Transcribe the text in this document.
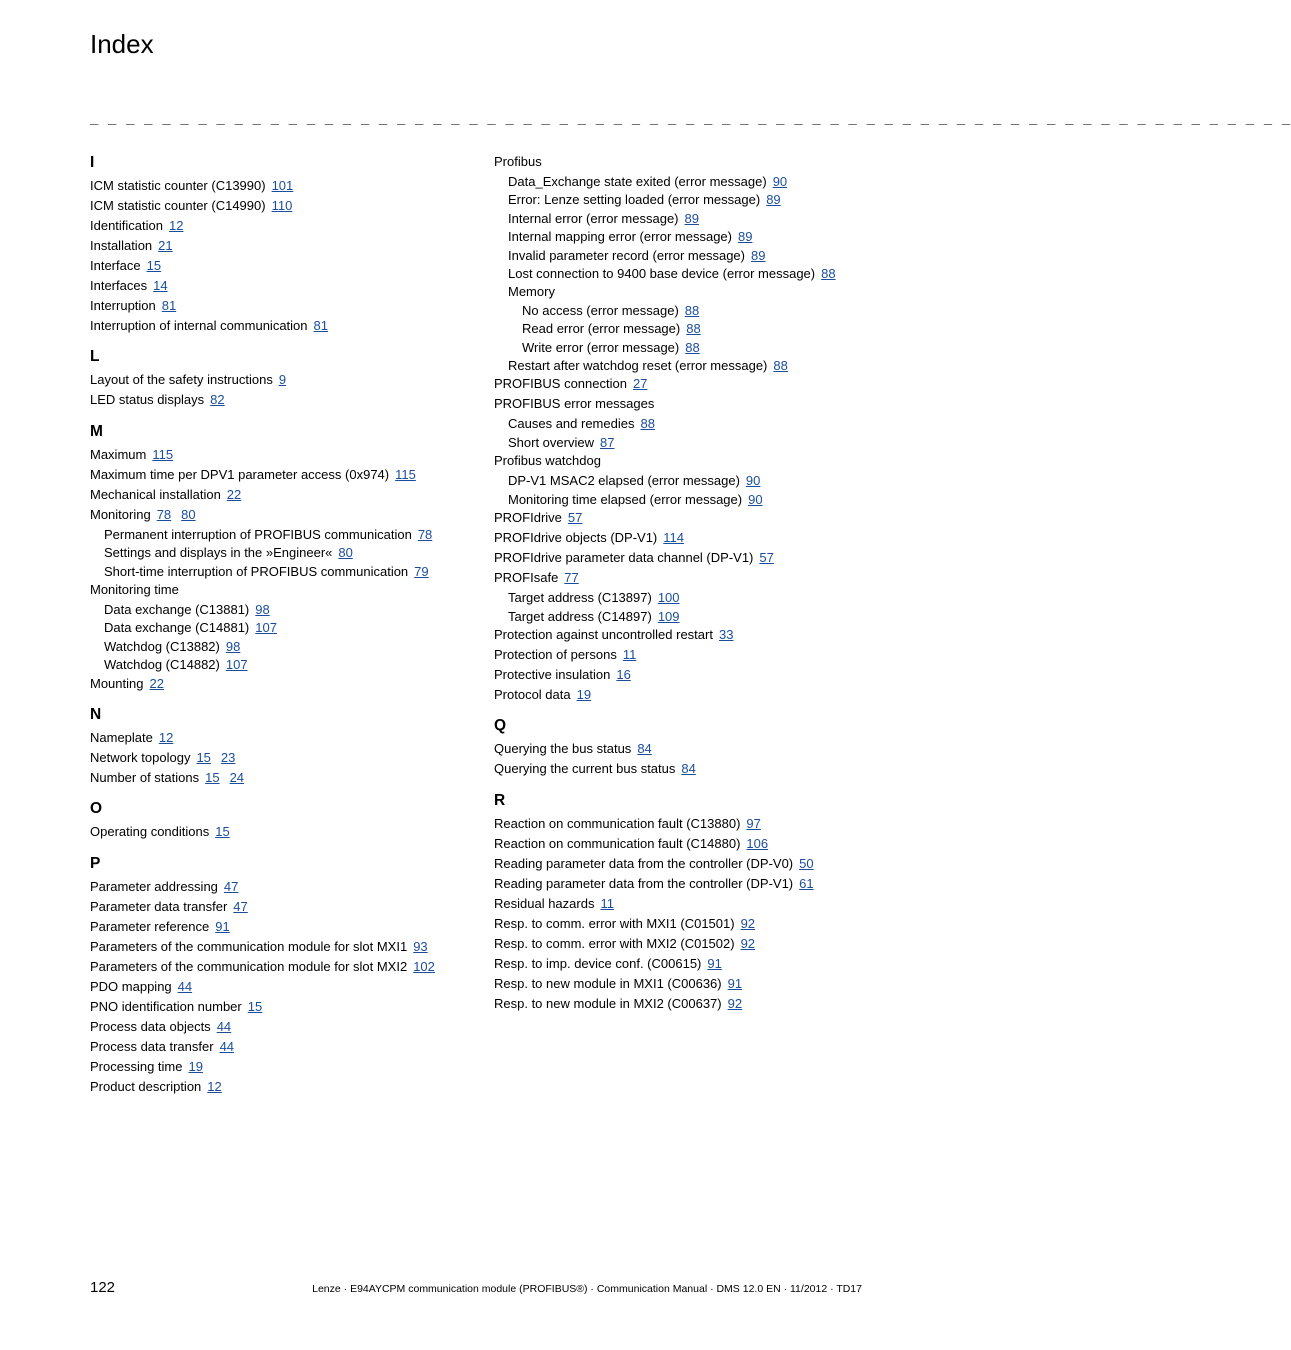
Index
_ _ _ _ _ _ _ _ _ _ _ _ _ _ _ _ _ _ _ _ _ _ _ _ _ _ _ _ _ _ _ _ _ _ _ _ _ _ _ _ _ _ _ _ _ _ _ _ _ _ _ _ _ _ _ _ _ _ _ _ _ _ _ _ _ _ _
I
ICM statistic counter (C13990) 101
ICM statistic counter (C14990) 110
Identification 12
Installation 21
Interface 15
Interfaces 14
Interruption 81
Interruption of internal communication 81
L
Layout of the safety instructions 9
LED status displays 82
M
Maximum 115
Maximum time per DPV1 parameter access (0x974) 115
Mechanical installation 22
Monitoring 78 80
Permanent interruption of PROFIBUS communication 78
Settings and displays in the »Engineer« 80
Short-time interruption of PROFIBUS communication 79
Monitoring time
Data exchange (C13881) 98
Data exchange (C14881) 107
Watchdog (C13882) 98
Watchdog (C14882) 107
Mounting 22
N
Nameplate 12
Network topology 15 23
Number of stations 15 24
O
Operating conditions 15
P
Parameter addressing 47
Parameter data transfer 47
Parameter reference 91
Parameters of the communication module for slot MXI1 93
Parameters of the communication module for slot MXI2 102
PDO mapping 44
PNO identification number 15
Process data objects 44
Process data transfer 44
Processing time 19
Product description 12
Profibus
Data_Exchange state exited (error message) 90
Error: Lenze setting loaded (error message) 89
Internal error (error message) 89
Internal mapping error (error message) 89
Invalid parameter record (error message) 89
Lost connection to 9400 base device (error message) 88
Memory
No access (error message) 88
Read error (error message) 88
Write error (error message) 88
Restart after watchdog reset (error message) 88
PROFIBUS connection 27
PROFIBUS error messages
Causes and remedies 88
Short overview 87
Profibus watchdog
DP-V1 MSAC2 elapsed (error message) 90
Monitoring time elapsed (error message) 90
PROFIdrive 57
PROFIdrive objects (DP-V1) 114
PROFIdrive parameter data channel (DP-V1) 57
PROFIsafe 77
Target address (C13897) 100
Target address (C14897) 109
Protection against uncontrolled restart 33
Protection of persons 11
Protective insulation 16
Protocol data 19
Q
Querying the bus status 84
Querying the current bus status 84
R
Reaction on communication fault (C13880) 97
Reaction on communication fault (C14880) 106
Reading parameter data from the controller (DP-V0) 50
Reading parameter data from the controller (DP-V1) 61
Residual hazards 11
Resp. to comm. error with MXI1 (C01501) 92
Resp. to comm. error with MXI2 (C01502) 92
Resp. to imp. device conf. (C00615) 91
Resp. to new module in MXI1 (C00636) 91
Resp. to new module in MXI2 (C00637) 92
122	Lenze · E94AYCPM communication module (PROFIBUS®) · Communication Manual · DMS 12.0 EN · 11/2012 · TD17
